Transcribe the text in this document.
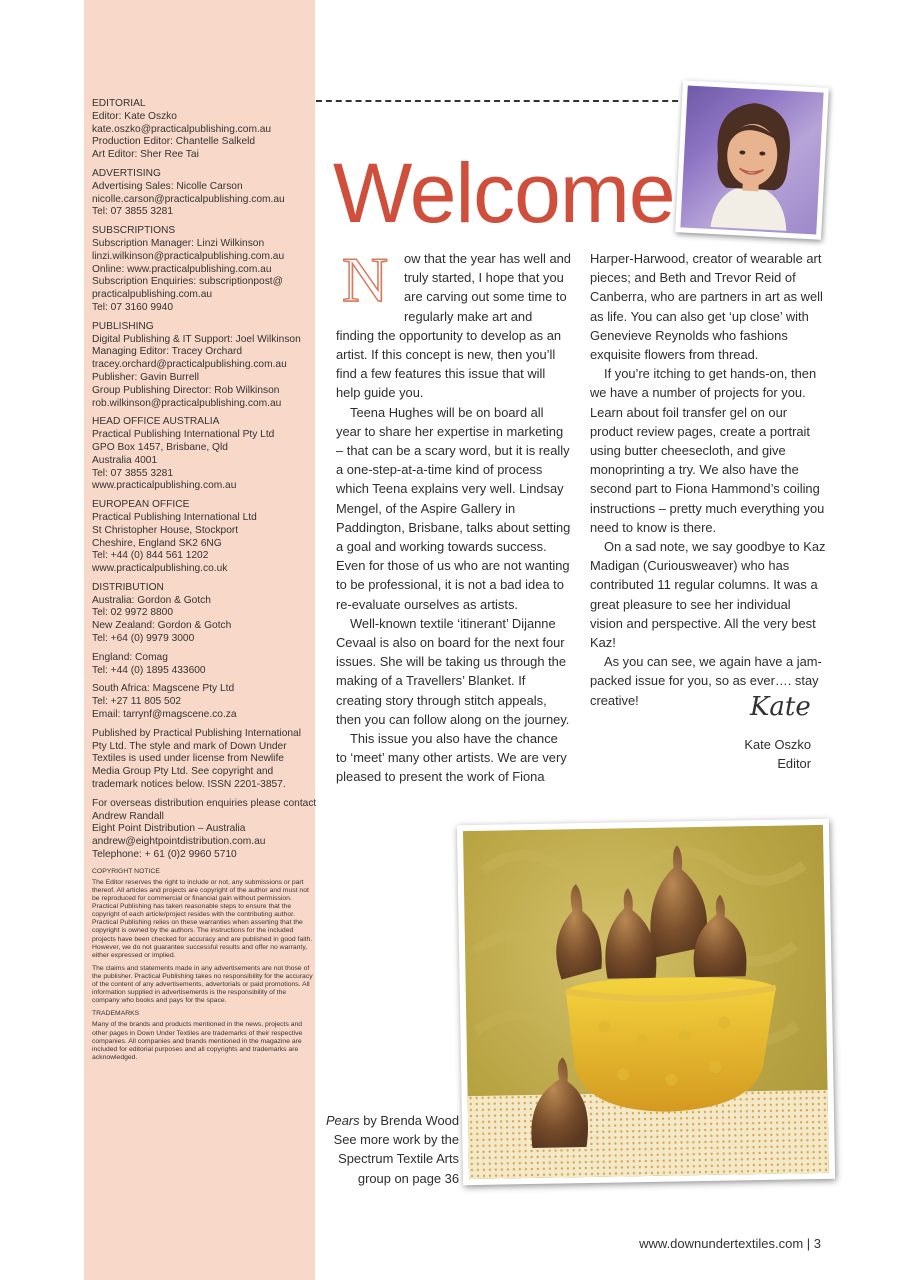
EDITORIAL
Editor: Kate Oszko
kate.oszko@practicalpublishing.com.au
Production Editor: Chantelle Salkeld
Art Editor: Sher Ree Tai
ADVERTISING
Advertising Sales: Nicolle Carson
nicolle.carson@practicalpublishing.com.au
Tel: 07 3855 3281
SUBSCRIPTIONS
Subscription Manager: Linzi Wilkinson
linzi.wilkinson@practicalpublishing.com.au
Online: www.practicalpublishing.com.au
Subscription Enquiries: subscriptionpost@
practicalpublishing.com.au
Tel: 07 3160 9940
PUBLISHING
Digital Publishing & IT Support: Joel Wilkinson
Managing Editor: Tracey Orchard
tracey.orchard@practicalpublishing.com.au
Publisher: Gavin Burrell
Group Publishing Director: Rob Wilkinson
rob.wilkinson@practicalpublishing.com.au
HEAD OFFICE AUSTRALIA
Practical Publishing International Pty Ltd
GPO Box 1457, Brisbane, Qld
Australia 4001
Tel: 07 3855 3281
www.practicalpublishing.com.au
EUROPEAN OFFICE
Practical Publishing International Ltd
St Christopher House, Stockport
Cheshire, England SK2 6NG
Tel: +44 (0) 844 561 1202
www.practicalpublishing.co.uk
DISTRIBUTION
Australia: Gordon & Gotch
Tel: 02 9972 8800
New Zealand: Gordon & Gotch
Tel: +64 (0) 9979 3000
England: Comag
Tel: +44 (0) 1895 433600
South Africa: Magscene Pty Ltd
Tel: +27 11 805 502
Email: tarrynf@magscene.co.za
Published by Practical Publishing International Pty Ltd. The style and mark of Down Under Textiles is used under license from Newlife Media Group Pty Ltd. See copyright and trademark notices below. ISSN 2201-3857.
For overseas distribution enquiries please contact
Andrew Randall
Eight Point Distribution – Australia
andrew@eightpointdistribution.com.au
Telephone: + 61 (0)2 9960 5710
COPYRIGHT NOTICE
The Editor reserves the right to include or not, any submissions or part thereof. All articles and projects are copyright of the author and must not be reproduced for commercial or financial gain without permission. Practical Publishing has taken reasonable steps to ensure that the copyright of each article/project resides with the contributing author. Practical Publishing relies on these warranties when asserting that the copyright is owned by the authors. The instructions for the included projects have been checked for accuracy and are published in good faith. However, we do not guarantee successful results and offer no warranty, either expressed or implied.
The claims and statements made in any advertisements are not those of the publisher. Practical Publishing takes no responsibility for the accuracy of the content of any advertisements, advertorials or paid promotions. All information supplied in advertisements is the responsibility of the company who books and pays for the space.
TRADEMARKS
Many of the brands and products mentioned in the news, projects and other pages in Down Under Textiles are trademarks of their respective companies. All companies and brands mentioned in the magazine are included for editorial purposes and all copyrights and trademarks are acknowledged.
Welcome
N	ow that the year has well and truly started, I hope that you are carving out some time to regularly make art and finding the opportunity to develop as an artist. If this concept is new, then you’ll find a few features this issue that will help guide you.

Teena Hughes will be on board all year to share her expertise in marketing – that can be a scary word, but it is really a one-step-at-a-time kind of process which Teena explains very well. Lindsay Mengel, of the Aspire Gallery in Paddington, Brisbane, talks about setting a goal and working towards success. Even for those of us who are not wanting to be professional, it is not a bad idea to re-evaluate ourselves as artists.

Well-known textile ‘itinerant’ Dijanne Cevaal is also on board for the next four issues. She will be taking us through the making of a Travellers’ Blanket. If creating story through stitch appeals, then you can follow along on the journey.

This issue you also have the chance to ‘meet’ many other artists. We are very pleased to present the work of Fiona

Harper-Harwood, creator of wearable art pieces; and Beth and Trevor Reid of Canberra, who are partners in art as well as life. You can also get ‘up close’ with Genevieve Reynolds who fashions exquisite flowers from thread.

If you’re itching to get hands-on, then we have a number of projects for you. Learn about foil transfer gel on our product review pages, create a portrait using butter cheesecloth, and give monoprinting a try. We also have the second part to Fiona Hammond’s coiling instructions – pretty much everything you need to know is there.

On a sad note, we say goodbye to Kaz Madigan (Curiousweaver) who has contributed 11 regular columns. It was a great pleasure to see her individual vision and perspective. All the very best Kaz!

As you can see, we again have a jam-packed issue for you, so as ever…. stay creative!	Kate
Kate Oszko
Editor
Pears by Brenda Wood
See more work by the
Spectrum Textile Arts
group on page 36
www.downundertextiles.com | 3
